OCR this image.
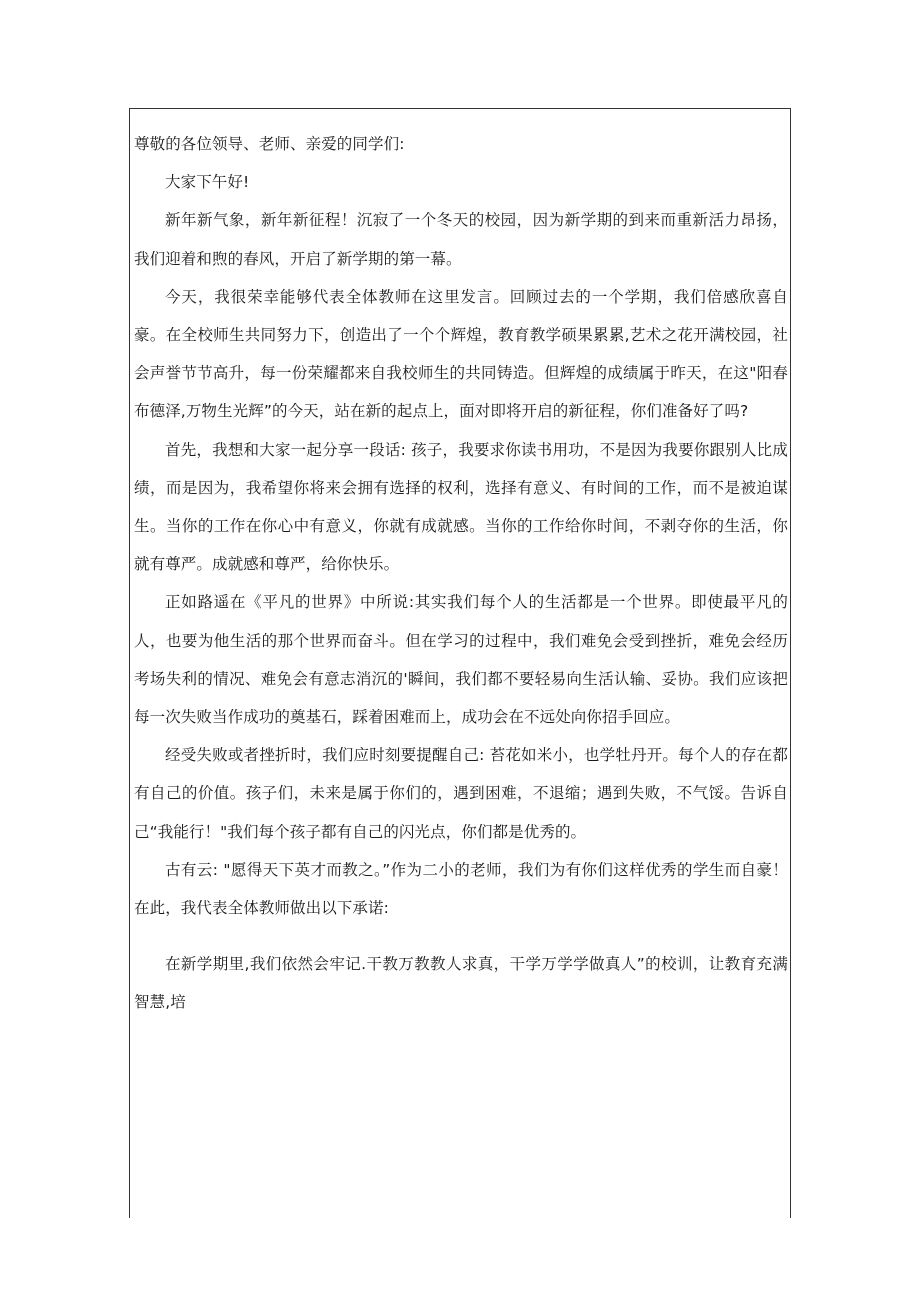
尊敬的各位领导、老师、亲爱的同学们:

大家下午好!

新年新气象，新年新征程！沉寂了一个冬天的校园，因为新学期的到来而重新活力昂扬，我们迎着和煦的春风，开启了新学期的第一幕。

今天，我很荣幸能够代表全体教师在这里发言。回顾过去的一个学期，我们倍感欣喜自豪。在全校师生共同努力下，创造出了一个个辉煌，教育教学硕果累累,艺术之花开满校园，社会声誉节节高升，每一份荣耀都来自我校师生的共同铸造。但辉煌的成绩属于昨天，在这"阳春布德泽,万物生光辉”的今天，站在新的起点上，面对即将开启的新征程，你们准备好了吗?

首先，我想和大家一起分享一段话: 孩子，我要求你读书用功，不是因为我要你跟别人比成绩，而是因为，我希望你将来会拥有选择的权利，选择有意义、有时间的工作，而不是被迫谋生。当你的工作在你心中有意义，你就有成就感。当你的工作给你时间，不剥夺你的生活，你就有尊严。成就感和尊严，给你快乐。

正如路遥在《平凡的世界》中所说:其实我们每个人的生活都是一个世界。即使最平凡的人，也要为他生活的那个世界而奋斗。但在学习的过程中，我们难免会受到挫折，难免会经历考场失利的情况、难免会有意志消沉的'瞬间，我们都不要轻易向生活认输、妥协。我们应该把每一次失败当作成功的奠基石，踩着困难而上，成功会在不远处向你招手回应。

经受失败或者挫折时，我们应时刻要提醒自己: 苔花如米小，也学牡丹开。每个人的存在都有自己的价值。孩子们，未来是属于你们的，遇到困难，不退缩；遇到失败，不气馁。告诉自己“我能行！"我们每个孩子都有自己的闪光点，你们都是优秀的。

古有云: "愿得天下英才而教之。”作为二小的老师，我们为有你们这样优秀的学生而自豪！在此，我代表全体教师做出以下承诺:

在新学期里,我们依然会牢记.干教万教教人求真，干学万学学做真人”的校训，让教育充满智慧,培
